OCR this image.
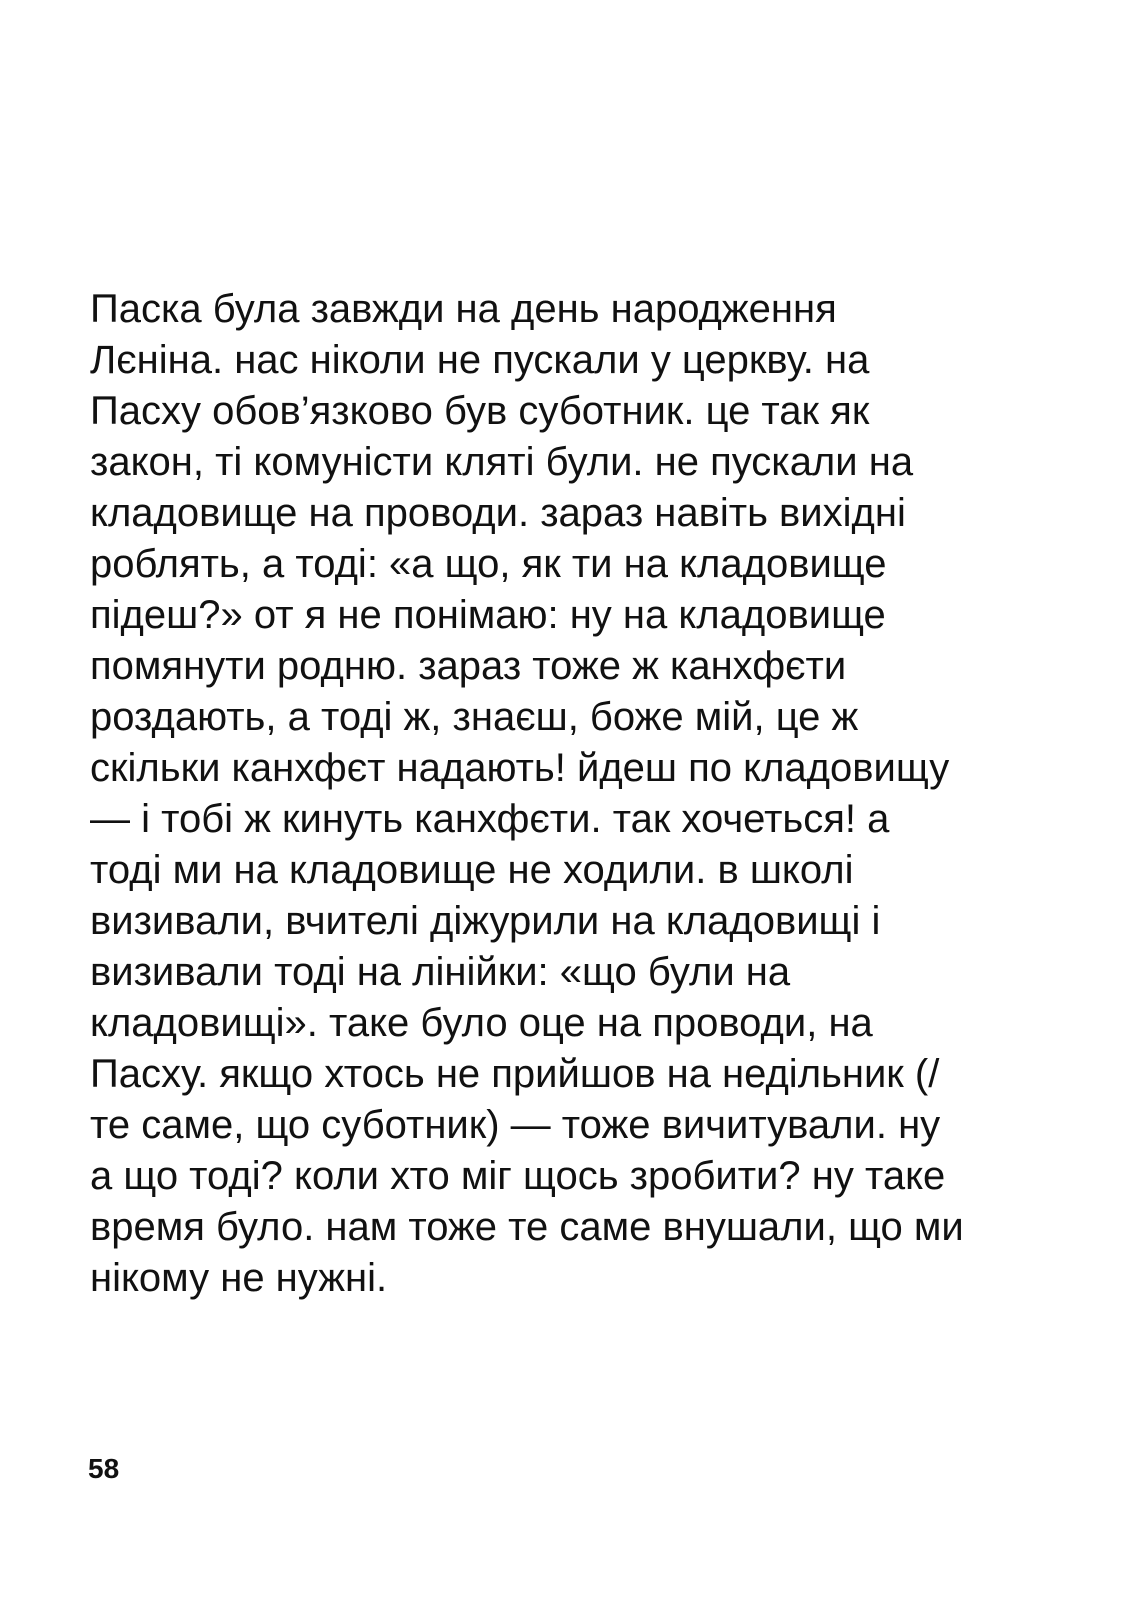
Паска була завжди на день народження
Лєніна. нас ніколи не пускали у церкву. на
Пасху обов’язково був суботник. це так як
закон, ті комуністи кляті були. не пускали на
кладовище на проводи. зараз навіть вихідні
роблять, а тоді: «а що, як ти на кладовище
підеш?» от я не понімаю: ну на кладовище
помянути родню. зараз тоже ж канхфєти
роздають, а тоді ж, знаєш, боже мій, це ж
скільки канхфєт надають! йдеш по кладовищу
— і тобі ж кинуть канхфєти. так хочеться! а
тоді ми на кладовище не ходили. в школі
визивали, вчителі діжурили на кладовищі і
визивали тоді на лінійки: «що були на
кладовищі». таке було оце на проводи, на
Пасху. якщо хтось не прийшов на недільник (/
те саме, що суботник) — тоже вичитували. ну
а що тоді? коли хто міг щось зробити? ну таке
время було. нам тоже те саме внушали, що ми
нікому не нужні.

58
